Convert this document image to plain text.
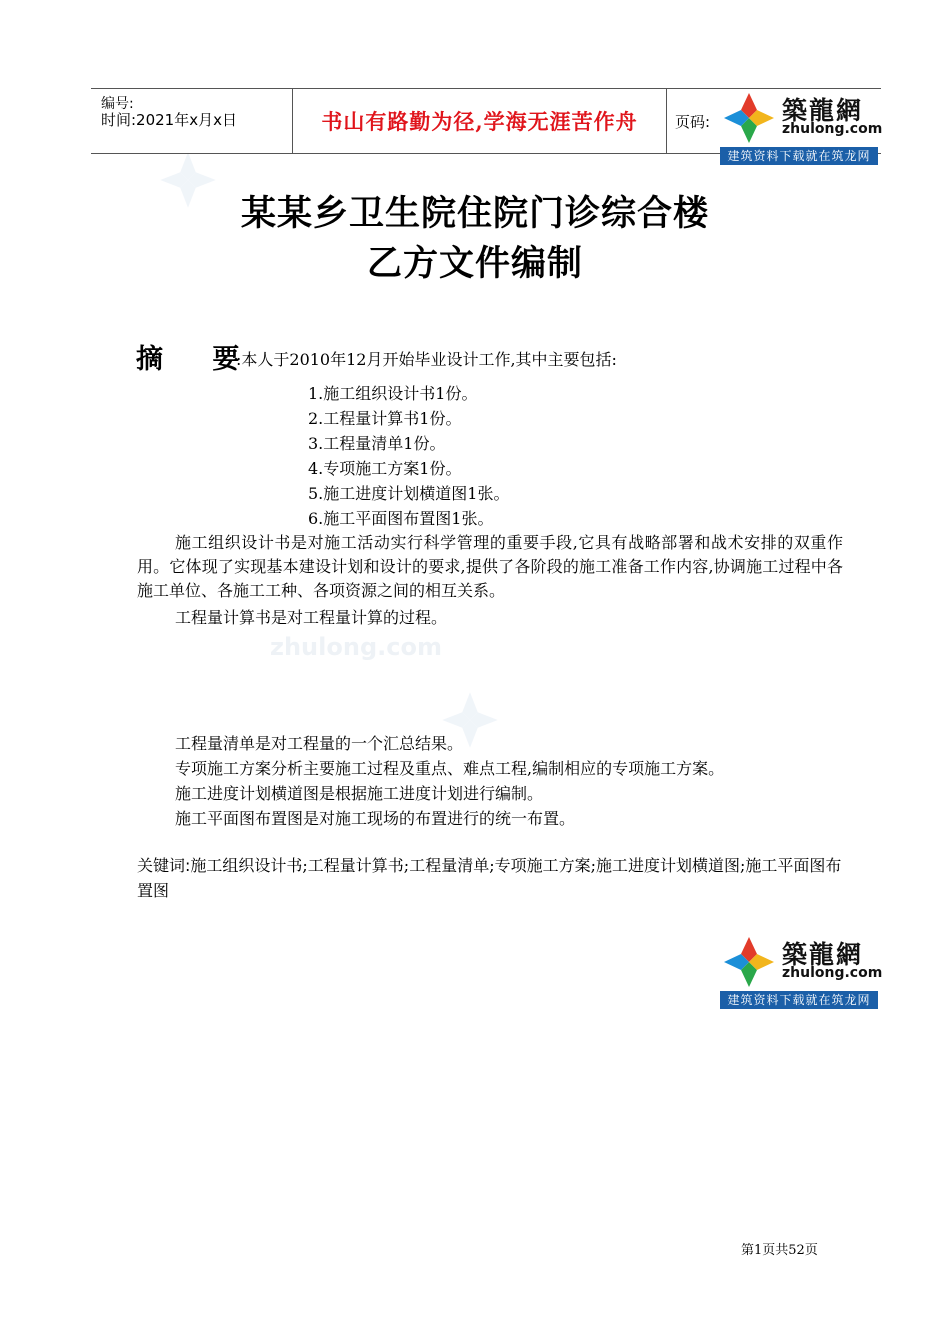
zhulong.com
编号:
时间:2021年x月x日	书山有路勤为径,学海无涯苦作舟	页码:	築龍網
zhulong.com
建筑资料下载就在筑龙网
某某乡卫生院住院门诊综合楼
乙方文件编制
摘 要
:本人于2010年12月开始毕业设计工作,其中主要包括:
1.施工组织设计书1份。
2.工程量计算书1份。
3.工程量清单1份。
4.专项施工方案1份。
5.施工进度计划横道图1张。
6.施工平面图布置图1张。

施工组织设计书是对施工活动实行科学管理的重要手段,它具有战略部署和战术安排的双重作用。它体现了实现基本建设计划和设计的要求,提供了各阶段的施工准备工作内容,协调施工过程中各施工单位、各施工工种、各项资源之间的相互关系。

工程量计算书是对工程量计算的过程。

工程量清单是对工程量的一个汇总结果。

专项施工方案分析主要施工过程及重点、难点工程,编制相应的专项施工方案。

施工进度计划横道图是根据施工进度计划进行编制。

施工平面图布置图是对施工现场的布置进行的统一布置。

关键词:施工组织设计书;工程量计算书;工程量清单;专项施工方案;施工进度计划横道图;施工平面图布置图
築龍網
zhulong.com
建筑资料下载就在筑龙网
第1页共52页
